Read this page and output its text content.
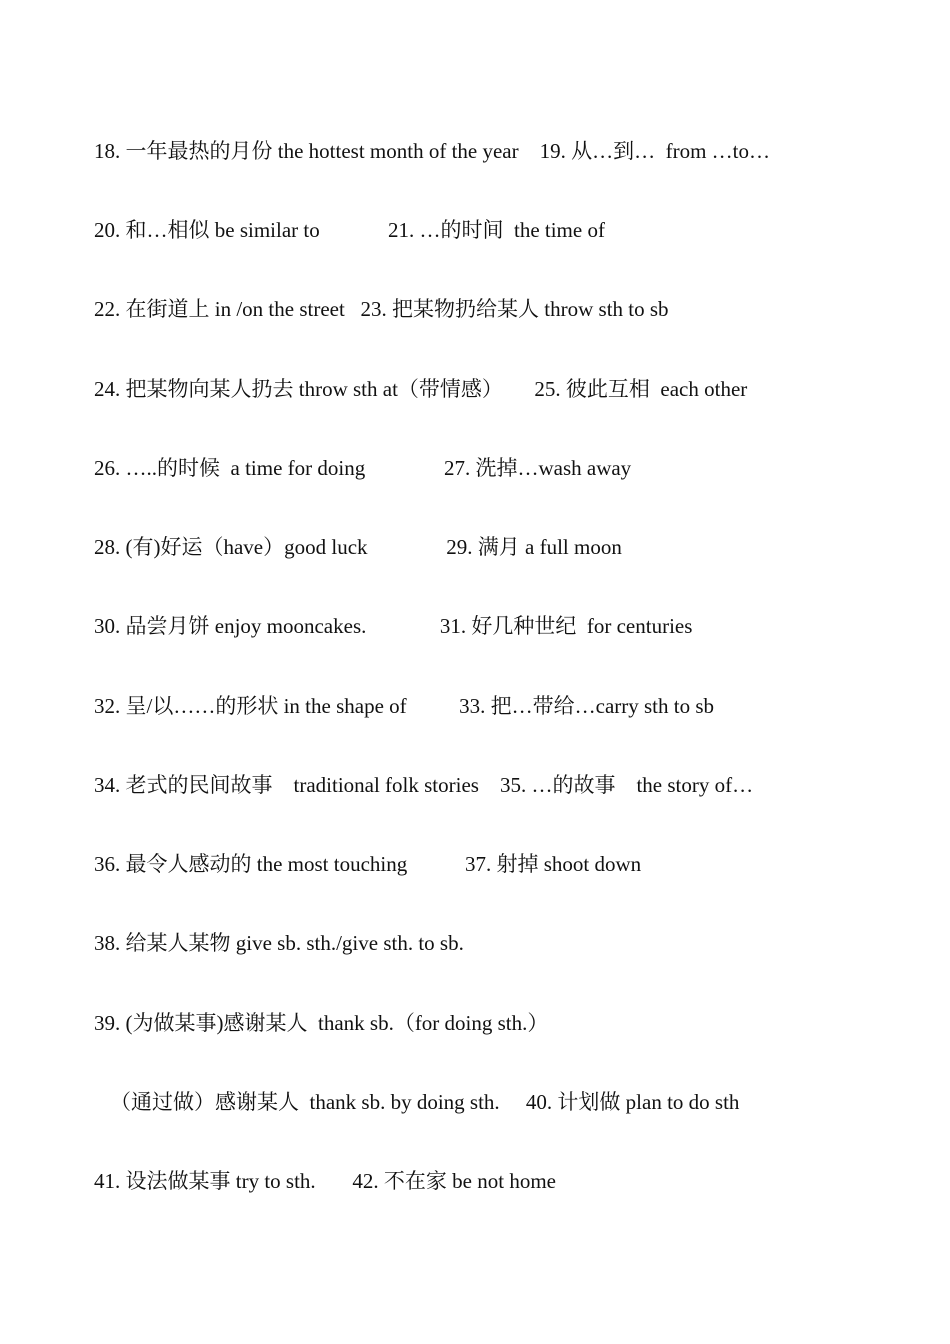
18. 一年最热的月份 the hottest month of the year    19. 从…到…  from …to…
20. 和…相似 be similar to             21. …的时间  the time of
22. 在街道上 in /on the street   23. 把某物扔给某人 throw sth to sb
24. 把某物向某人扔去 throw sth at（带情感）      25. 彼此互相  each other
26. …..的时候  a time for doing               27. 洗掉…wash away
28. (有)好运（have）good luck               29. 满月 a full moon
30. 品尝月饼 enjoy mooncakes.              31. 好几种世纪  for centuries
32. 呈/以……的形状 in the shape of          33. 把…带给…carry sth to sb
34. 老式的民间故事    traditional folk stories    35. …的故事    the story of…
36. 最令人感动的 the most touching           37. 射掉 shoot down
38. 给某人某物 give sb. sth./give sth. to sb.
39. (为做某事)感谢某人  thank sb.（for doing sth.）
（通过做）感谢某人  thank sb. by doing sth.     40. 计划做 plan to do sth
41. 设法做某事 try to sth.       42. 不在家 be not home
